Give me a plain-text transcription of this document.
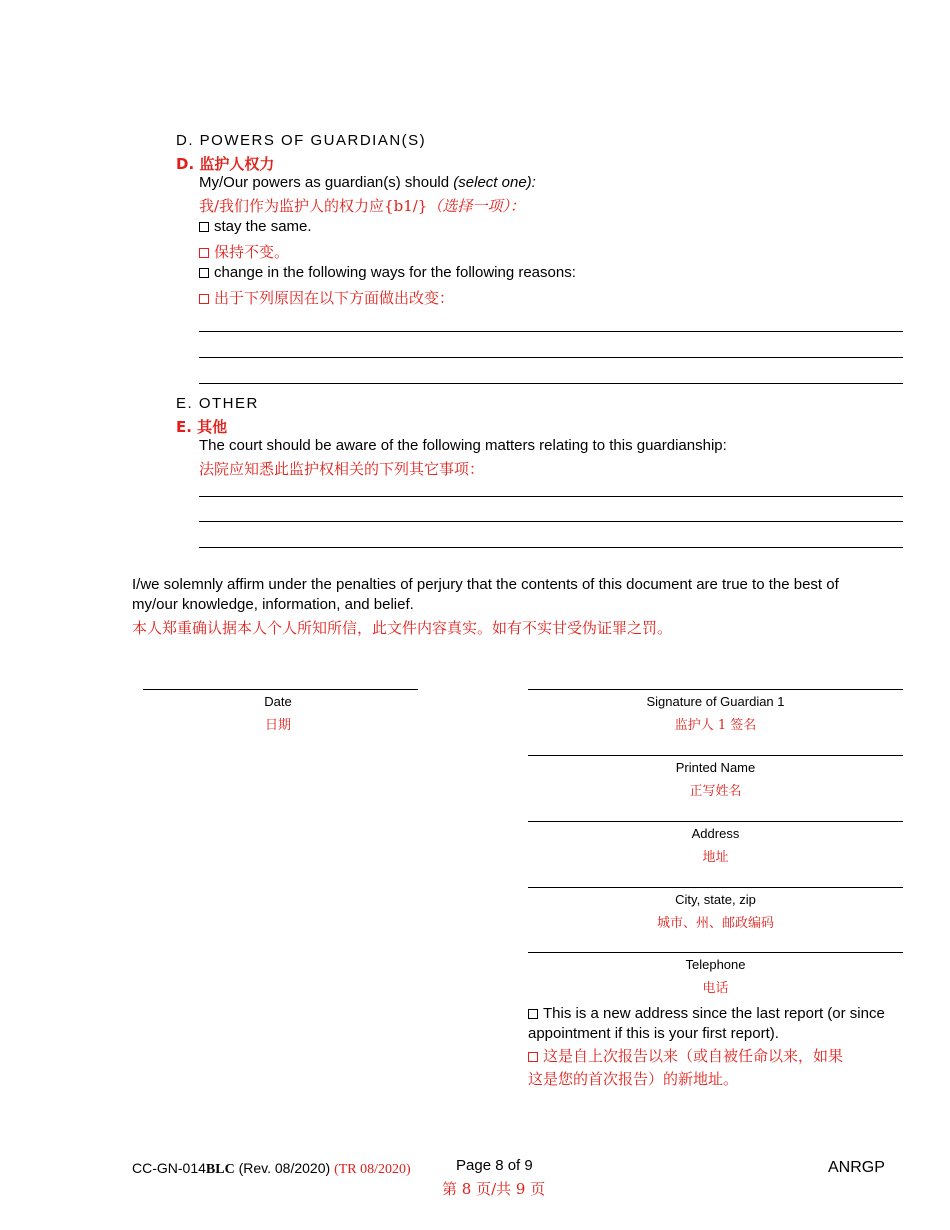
D. POWERS OF GUARDIAN(S)
D. 监护人权力
My/Our powers as guardian(s) should (select one):
我/我们作为监护人的权力应{b1/}（选择一项）：
stay the same.
保持不变。
change in the following ways for the following reasons:
出于下列原因在以下方面做出改变：
E. OTHER
E. 其他
The court should be aware of the following matters relating to this guardianship:
法院应知悉此监护权相关的下列其它事项：
I/we solemnly affirm under the penalties of perjury that the contents of this document are true to the best of
my/our knowledge, information, and belief.
本人郑重确认据本人个人所知所信，此文件内容真实。如有不实甘受伪证罪之罚。
Date
日期
Signature of Guardian 1
监护人 1 签名
Printed Name
正写姓名
Address
地址
City, state, zip
城市、州、邮政编码
Telephone
电话
This is a new address since the last report (or since
appointment if this is your first report).
这是自上次报告以来（或自被任命以来，如果
这是您的首次报告）的新地址。
CC-GN-014BLC (Rev. 08/2020) (TR 08/2020)	Page 8 of 9
第 8 页/共 9 页
ANRGP
